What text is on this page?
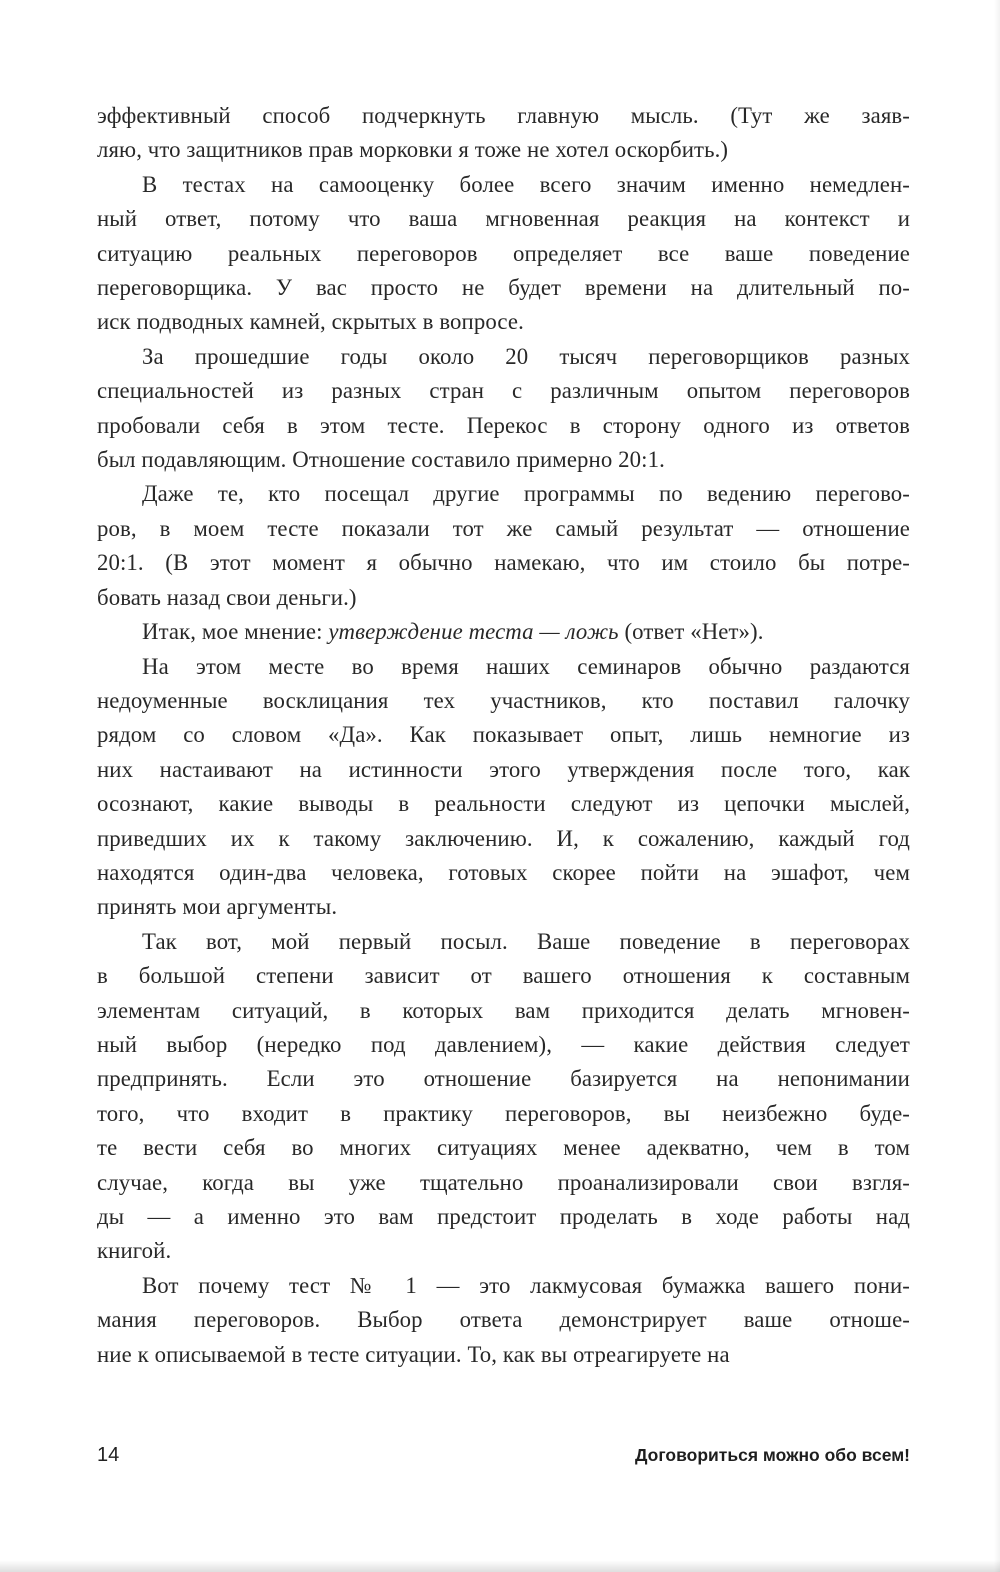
эффективный способ подчеркнуть главную мысль. (Тут же заяв-
ляю, что защитников прав морковки я тоже не хотел оскорбить.)
В тестах на самооценку более всего значим именно немедлен-
ный ответ, потому что ваша мгновенная реакция на контекст и
ситуацию реальных переговоров определяет все ваше поведение
переговорщика. У вас просто не будет времени на длительный по-
иск подводных камней, скрытых в вопросе.
За прошедшие годы около 20 тысяч переговорщиков разных
специальностей из разных стран с различным опытом переговоров
пробовали себя в этом тесте. Перекос в сторону одного из ответов
был подавляющим. Отношение составило примерно 20:1.
Даже те, кто посещал другие программы по ведению перегово-
ров, в моем тесте показали тот же самый результат — отношение
20:1. (В этот момент я обычно намекаю, что им стоило бы потре-
бовать назад свои деньги.)
Итак, мое мнение: утверждение теста — ложь (ответ «Нет»).
На этом месте во время наших семинаров обычно раздаются
недоуменные восклицания тех участников, кто поставил галочку
рядом со словом «Да». Как показывает опыт, лишь немногие из
них настаивают на истинности этого утверждения после того, как
осознают, какие выводы в реальности следуют из цепочки мыслей,
приведших их к такому заключению. И, к сожалению, каждый год
находятся один-два человека, готовых скорее пойти на эшафот, чем
принять мои аргументы.
Так вот, мой первый посыл. Ваше поведение в переговорах
в большой степени зависит от вашего отношения к составным
элементам ситуаций, в которых вам приходится делать мгновен-
ный выбор (нередко под давлением), — какие действия следует
предпринять. Если это отношение базируется на непонимании
того, что входит в практику переговоров, вы неизбежно буде-
те вести себя во многих ситуациях менее адекватно, чем в том
случае, когда вы уже тщательно проанализировали свои взгля-
ды — а именно это вам предстоит проделать в ходе работы над
книгой.
Вот почему тест № 1 — это лакмусовая бумажка вашего пони-
мания переговоров. Выбор ответа демонстрирует ваше отноше-
ние к описываемой в тесте ситуации. То, как вы отреагируете на
14	Договориться можно обо всем!
